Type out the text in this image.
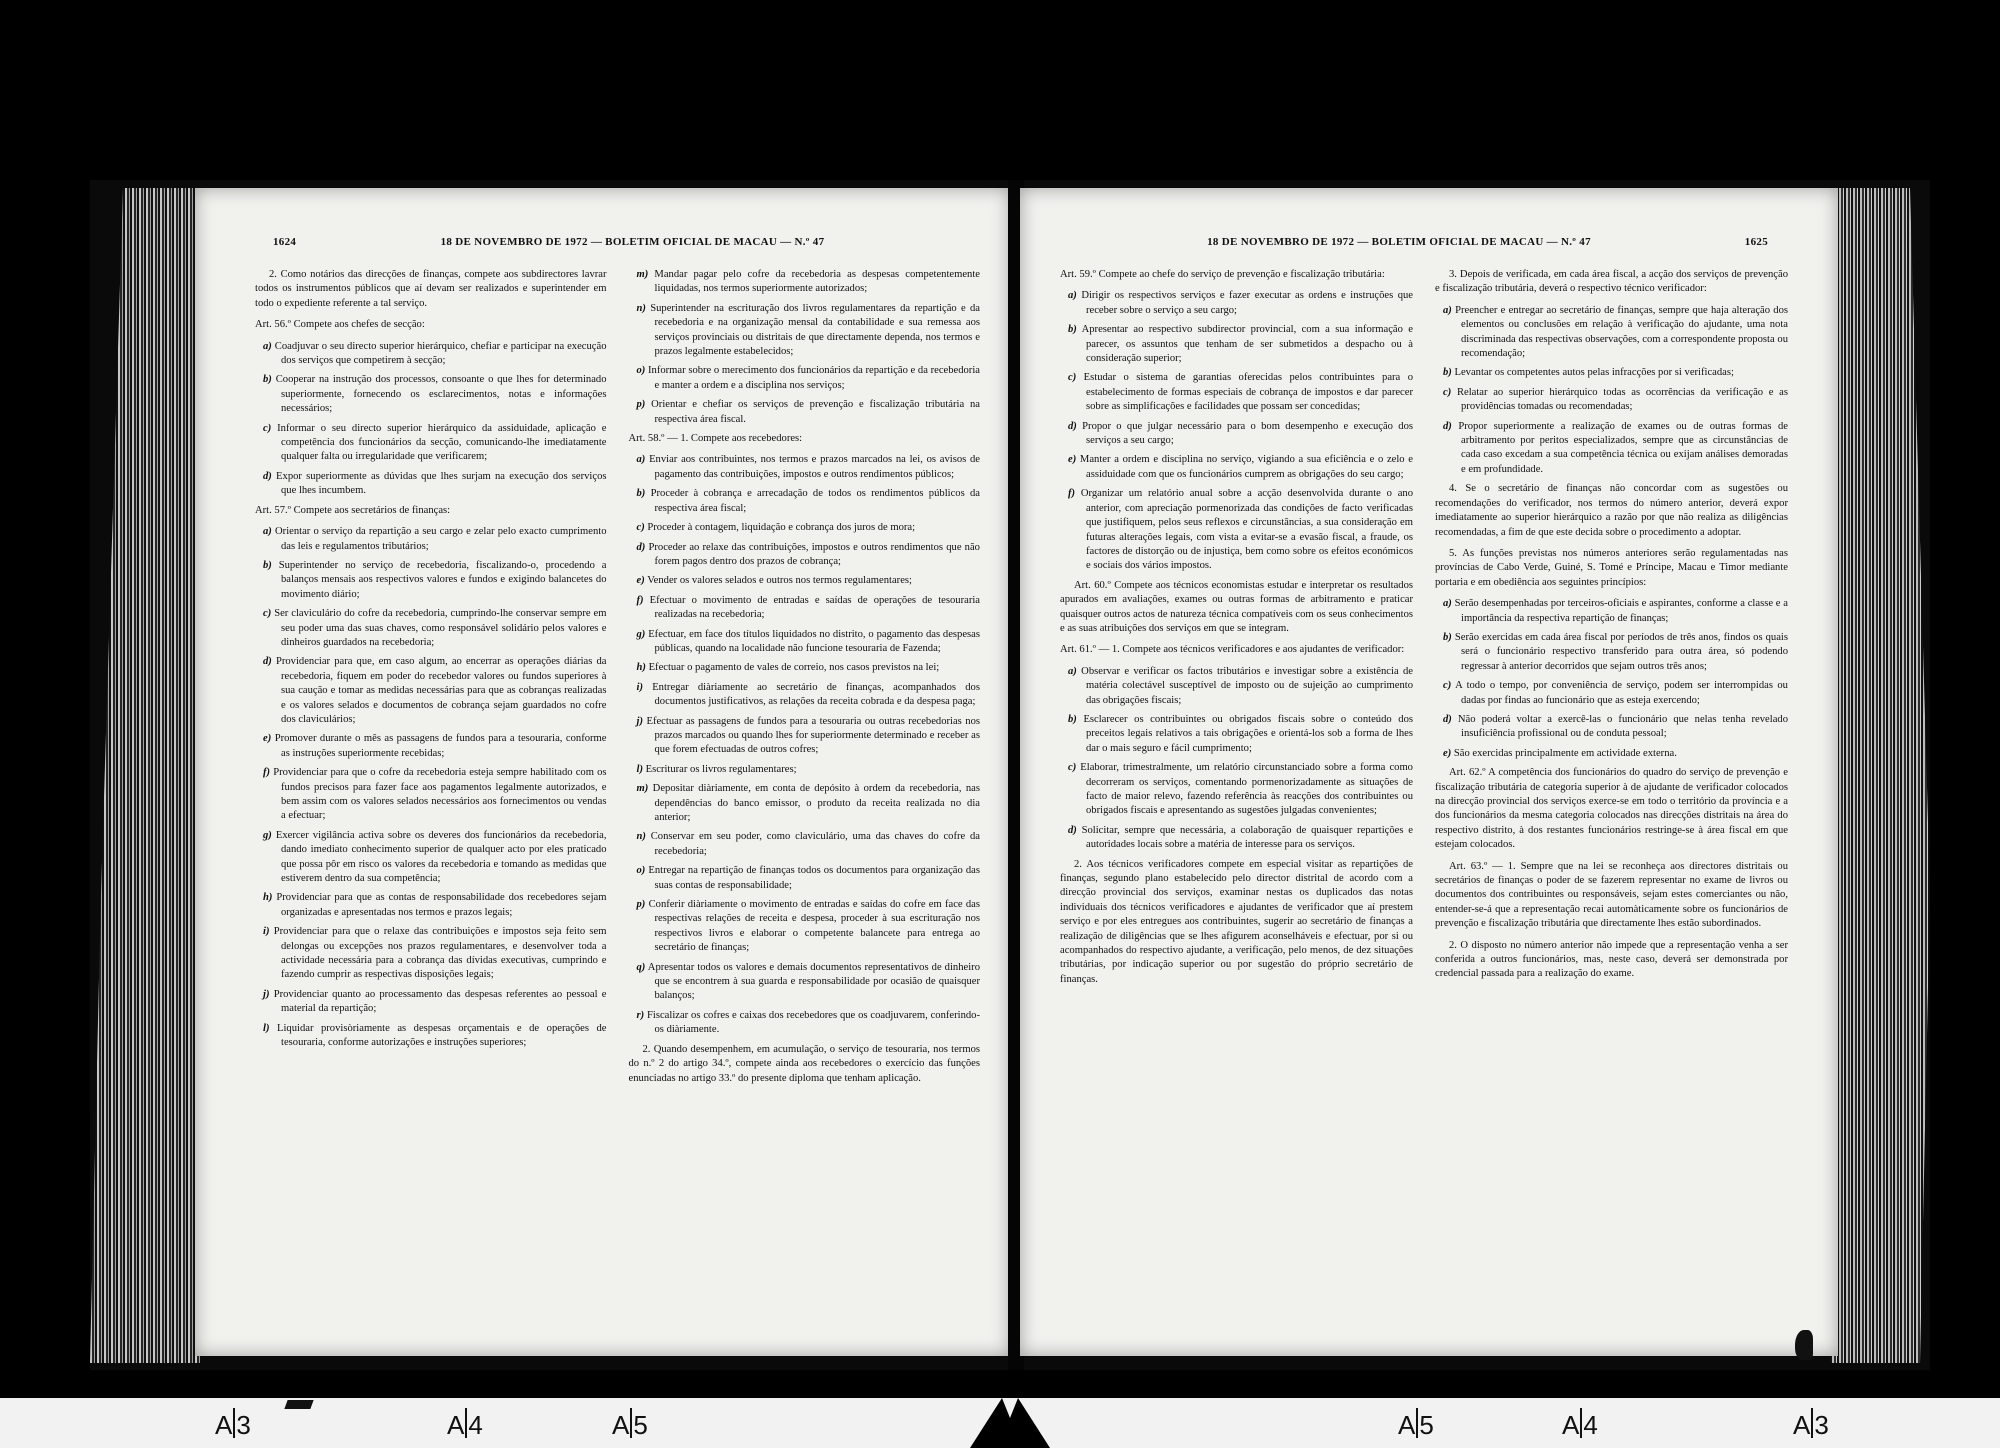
1624	18 DE NOVEMBRO DE 1972 — BOLETIM OFICIAL DE MACAU — N.º 47

2. Como notários das direcções de finanças, compete aos subdirectores lavrar todos os instrumentos públicos que aí devam ser realizados e superintender em todo o expediente referente a tal serviço.

Art. 56.º Compete aos chefes de secção:

a) Coadjuvar o seu directo superior hierárquico, chefiar e participar na execução dos serviços que competirem à secção;
b) Cooperar na instrução dos processos, consoante o que lhes for determinado superiormente, fornecendo os esclarecimentos, notas e informações necessários;
c) Informar o seu directo superior hierárquico da assiduidade, aplicação e competência dos funcionários da secção, comunicando-lhe imediatamente qualquer falta ou irregularidade que verificarem;
d) Expor superiormente as dúvidas que lhes surjam na execução dos serviços que lhes incumbem.

Art. 57.º Compete aos secretários de finanças:

a) Orientar o serviço da repartição a seu cargo e zelar pelo exacto cumprimento das leis e regulamentos tributários;
b) Superintender no serviço de recebedoria, fiscalizando-o, procedendo a balanços mensais aos respectivos valores e fundos e exigindo balancetes do movimento diário;
c) Ser claviculário do cofre da recebedoria, cumprindo-lhe conservar sempre em seu poder uma das suas chaves, como responsável solidário pelos valores e dinheiros guardados na recebedoria;
d) Providenciar para que, em caso algum, ao encerrar as operações diárias da recebedoria, fiquem em poder do recebedor valores ou fundos superiores à sua caução e tomar as medidas necessárias para que as cobranças realizadas e os valores selados e documentos de cobrança sejam guardados no cofre dos claviculários;
e) Promover durante o mês as passagens de fundos para a tesouraria, conforme as instruções superiormente recebidas;
f) Providenciar para que o cofre da recebedoria esteja sempre habilitado com os fundos precisos para fazer face aos pagamentos legalmente autorizados, e bem assim com os valores selados necessários aos fornecimentos ou vendas a efectuar;
g) Exercer vigilância activa sobre os deveres dos funcionários da recebedoria, dando imediato conhecimento superior de qualquer acto por eles praticado que possa pôr em risco os valores da recebedoria e tomando as medidas que estiverem dentro da sua competência;
h) Providenciar para que as contas de responsabilidade dos recebedores sejam organizadas e apresentadas nos termos e prazos legais;
i) Providenciar para que o relaxe das contribuições e impostos seja feito sem delongas ou excepções nos prazos regulamentares, e desenvolver toda a actividade necessária para a cobrança das dívidas executivas, cumprindo e fazendo cumprir as respectivas disposições legais;
j) Providenciar quanto ao processamento das despesas referentes ao pessoal e material da repartição;
l) Liquidar provisòriamente as despesas orçamentais e de operações de tesouraria, conforme autorizações e instruções superiores;
m) Mandar pagar pelo cofre da recebedoria as despesas competentemente liquidadas, nos termos superiormente autorizados;
n) Superintender na escrituração dos livros regulamentares da repartição e da recebedoria e na organização mensal da contabilidade e sua remessa aos serviços provinciais ou distritais de que directamente dependa, nos termos e prazos legalmente estabelecidos;
o) Informar sobre o merecimento dos funcionários da repartição e da recebedoria e manter a ordem e a disciplina nos serviços;
p) Orientar e chefiar os serviços de prevenção e fiscalização tributária na respectiva área fiscal.

Art. 58.º — 1. Compete aos recebedores:

a) Enviar aos contribuintes, nos termos e prazos marcados na lei, os avisos de pagamento das contribuições, impostos e outros rendimentos públicos;
b) Proceder à cobrança e arrecadação de todos os rendimentos públicos da respectiva área fiscal;
c) Proceder à contagem, liquidação e cobrança dos juros de mora;
d) Proceder ao relaxe das contribuições, impostos e outros rendimentos que não forem pagos dentro dos prazos de cobrança;
e) Vender os valores selados e outros nos termos regulamentares;
f) Efectuar o movimento de entradas e saídas de operações de tesouraria realizadas na recebedoria;
g) Efectuar, em face dos títulos liquidados no distrito, o pagamento das despesas públicas, quando na localidade não funcione tesouraria de Fazenda;
h) Efectuar o pagamento de vales de correio, nos casos previstos na lei;
i) Entregar diàriamente ao secretário de finanças, acompanhados dos documentos justificativos, as relações da receita cobrada e da despesa paga;
j) Efectuar as passagens de fundos para a tesouraria ou outras recebedorias nos prazos marcados ou quando lhes for superiormente determinado e receber as que forem efectuadas de outros cofres;
l) Escriturar os livros regulamentares;
m) Depositar diàriamente, em conta de depósito à ordem da recebedoria, nas dependências do banco emissor, o produto da receita realizada no dia anterior;
n) Conservar em seu poder, como claviculário, uma das chaves do cofre da recebedoria;
o) Entregar na repartição de finanças todos os documentos para organização das suas contas de responsabilidade;
p) Conferir diàriamente o movimento de entradas e saídas do cofre em face das respectivas relações de receita e despesa, proceder à sua escrituração nos respectivos livros e elaborar o competente balancete para entrega ao secretário de finanças;
q) Apresentar todos os valores e demais documentos representativos de dinheiro que se encontrem à sua guarda e responsabilidade por ocasião de quaisquer balanços;
r) Fiscalizar os cofres e caixas dos recebedores que os coadjuvarem, conferindo-os diàriamente.

2. Quando desempenhem, em acumulação, o serviço de tesouraria, nos termos do n.º 2 do artigo 34.º, compete ainda aos recebedores o exercício das funções enunciadas no artigo 33.º do presente diploma que tenham aplicação.

18 DE NOVEMBRO DE 1972 — BOLETIM OFICIAL DE MACAU — N.º 47	1625

Art. 59.º Compete ao chefe do serviço de prevenção e fiscalização tributária:

a) Dirigir os respectivos serviços e fazer executar as ordens e instruções que receber sobre o serviço a seu cargo;
b) Apresentar ao respectivo subdirector provincial, com a sua informação e parecer, os assuntos que tenham de ser submetidos a despacho ou à consideração superior;
c) Estudar o sistema de garantias oferecidas pelos contribuintes para o estabelecimento de formas especiais de cobrança de impostos e dar parecer sobre as simplificações e facilidades que possam ser concedidas;
d) Propor o que julgar necessário para o bom desempenho e execução dos serviços a seu cargo;
e) Manter a ordem e disciplina no serviço, vigiando a sua eficiência e o zelo e assiduidade com que os funcionários cumprem as obrigações do seu cargo;
f) Organizar um relatório anual sobre a acção desenvolvida durante o ano anterior, com apreciação pormenorizada das condições de facto verificadas que justifiquem, pelos seus reflexos e circunstâncias, a sua consideração em futuras alterações legais, com vista a evitar-se a evasão fiscal, a fraude, os factores de distorção ou de injustiça, bem como sobre os efeitos económicos e sociais dos vários impostos.

Art. 60.º Compete aos técnicos economistas estudar e interpretar os resultados apurados em avaliações, exames ou outras formas de arbitramento e praticar quaisquer outros actos de natureza técnica compatíveis com os seus conhecimentos e as suas atribuições dos serviços em que se integram.

Art. 61.º — 1. Compete aos técnicos verificadores e aos ajudantes de verificador:

a) Observar e verificar os factos tributários e investigar sobre a existência de matéria colectável susceptível de imposto ou de sujeição ao cumprimento das obrigações fiscais;
b) Esclarecer os contribuintes ou obrigados fiscais sobre o conteúdo dos preceitos legais relativos a tais obrigações e orientá-los sob a forma de lhes dar o mais seguro e fácil cumprimento;
c) Elaborar, trimestralmente, um relatório circunstanciado sobre a forma como decorreram os serviços, comentando pormenorizadamente as situações de facto de maior relevo, fazendo referência às reacções dos contribuintes ou obrigados fiscais e apresentando as sugestões julgadas convenientes;
d) Solicitar, sempre que necessária, a colaboração de quaisquer repartições e autoridades locais sobre a matéria de interesse para os serviços.

2. Aos técnicos verificadores compete em especial visitar as repartições de finanças, segundo plano estabelecido pelo director distrital de acordo com a direcção provincial dos serviços, examinar nestas os duplicados das notas individuais dos técnicos verificadores e ajudantes de verificador que aí prestem serviço e por eles entregues aos contribuintes, sugerir ao secretário de finanças a realização de diligências que se lhes afigurem aconselháveis e efectuar, por si ou acompanhados do respectivo ajudante, a verificação, pelo menos, de dez situações tributárias, por indicação superior ou por sugestão do próprio secretário de finanças.

3. Depois de verificada, em cada área fiscal, a acção dos serviços de prevenção e fiscalização tributária, deverá o respectivo técnico verificador:

a) Preencher e entregar ao secretário de finanças, sempre que haja alteração dos elementos ou conclusões em relação à verificação do ajudante, uma nota discriminada das respectivas observações, com a correspondente proposta ou recomendação;
b) Levantar os competentes autos pelas infracções por si verificadas;
c) Relatar ao superior hierárquico todas as ocorrências da verificação e as providências tomadas ou recomendadas;
d) Propor superiormente a realização de exames ou de outras formas de arbitramento por peritos especializados, sempre que as circunstâncias de cada caso excedam a sua competência técnica ou exijam análises demoradas e em profundidade.

4. Se o secretário de finanças não concordar com as sugestões ou recomendações do verificador, nos termos do número anterior, deverá expor imediatamente ao superior hierárquico a razão por que não realiza as diligências recomendadas, a fim de que este decida sobre o procedimento a adoptar.

5. As funções previstas nos números anteriores serão regulamentadas nas províncias de Cabo Verde, Guiné, S. Tomé e Príncipe, Macau e Timor mediante portaria e em obediência aos seguintes princípios:

a) Serão desempenhadas por terceiros-oficiais e aspirantes, conforme a classe e a importância da respectiva repartição de finanças;
b) Serão exercidas em cada área fiscal por períodos de três anos, findos os quais será o funcionário respectivo transferido para outra área, só podendo regressar à anterior decorridos que sejam outros três anos;
c) A todo o tempo, por conveniência de serviço, podem ser interrompidas ou dadas por findas ao funcionário que as esteja exercendo;
d) Não poderá voltar a exercê-las o funcionário que nelas tenha revelado insuficiência profissional ou de conduta pessoal;
e) São exercidas principalmente em actividade externa.

Art. 62.º A competência dos funcionários do quadro do serviço de prevenção e fiscalização tributária de categoria superior à de ajudante de verificador colocados na direcção provincial dos serviços exerce-se em todo o território da província e a dos funcionários da mesma categoria colocados nas direcções distritais na área do respectivo distrito, à dos restantes funcionários restringe-se à área fiscal em que estejam colocados.

Art. 63.º — 1. Sempre que na lei se reconheça aos directores distritais ou secretários de finanças o poder de se fazerem representar no exame de livros ou documentos dos contribuintes ou responsáveis, sejam estes comerciantes ou não, entender-se-á que a representação recai automàticamente sobre os funcionários de prevenção e fiscalização tributária que directamente lhes estão subordinados.

2. O disposto no número anterior não impede que a representação venha a ser conferida a outros funcionários, mas, neste caso, deverá ser demonstrada por credencial passada para a realização do exame.

A 3	A 4	A 5	A 5	A 4	A 3
